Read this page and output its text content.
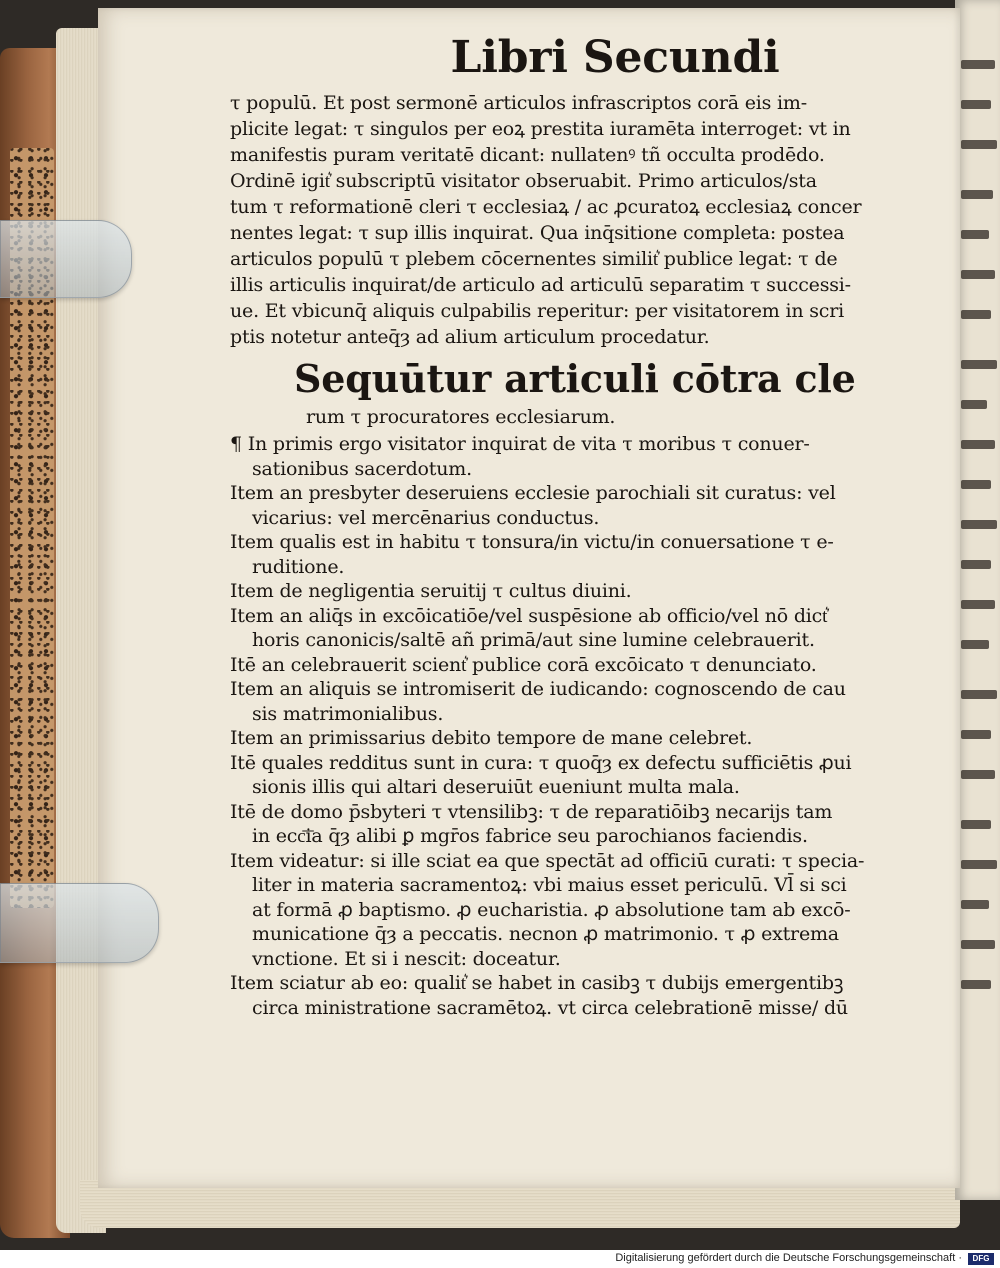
Libri Secundi

τ populū. Et post sermonē articulos infrascriptos corā eis im-

plicite legat: τ singulos per eoꝝ prestita iuramēta interroget: vt in

manifestis puram veritatē dicant: nullatenꝰ tñ occulta prodēdo.

Ordinē igit͛ subscriptū visitator obseruabit. Primo articulos/sta

tum τ reformationē cleri τ ecclesiaꝝ / ac ꝓcuratoꝝ ecclesiaꝝ concer

nentes legat: τ sup illis inquirat. Qua inq̄sitione completa: postea

articulos populū τ plebem cōcernentes similit͛ publice legat: τ de

illis articulis inquirat/de articulo ad articulū separatim τ successi-

ue. Et vbicunq̄ aliquis culpabilis reperitur: per visitatorem in scri

ptis notetur anteq̄ȝ ad alium articulum procedatur.

Sequūtur articuli cōtra cle
rum τ procuratores ecclesiarum.

¶ In primis ergo visitator inquirat de vita τ moribus τ conuer-

sationibus sacerdotum.

Item an presbyter deseruiens ecclesie parochiali sit curatus: vel

vicarius: vel mercēnarius conductus.

Item qualis est in habitu τ tonsura/in victu/in conuersatione τ e-

ruditione.

Item de negligentia seruitij τ cultus diuini.

Item an aliq̄s in excōicatiōe/vel suspēsione ab officio/vel nō dict͛

horis canonicis/saltē añ primā/aut sine lumine celebrauerit.

Itē an celebrauerit scient͛ publice corā excōicato τ denunciato.

Item an aliquis se intromiserit de iudicando: cognoscendo de cau

sis matrimonialibus.

Item an primissarius debito tempore de mane celebret.

Itē quales redditus sunt in cura: τ quoq̄ȝ ex defectu sufficiētis ꝓui

sionis illis qui altari deseruiūt eueniunt multa mala.

Itē de domo p̄sbyteri τ vtensilibꝫ: τ de reparatiōibꝫ necarijs tam

in ecc͞ia q̄ȝ alibi ꝑ mgr̄os fabrice seu parochianos faciendis.

Item videatur: si ille sciat ea que spectāt ad officiū curati: τ specia-

liter in materia sacramentoꝝ: vbi maius esset periculū. Vl̄ si sci

at formā ꝓ baptismo. ꝓ eucharistia. ꝓ absolutione tam ab excō-

municatione q̄ȝ a peccatis. necnon ꝓ matrimonio. τ ꝓ extrema

vnctione. Et si i nescit: doceatur.

Item sciatur ab eo: qualit͛ se habet in casibꝫ τ dubijs emergentibꝫ

circa ministratione sacramētoꝝ. vt circa celebrationē misse/ dū

Digitalisierung gefördert durch die Deutsche Forschungsgemeinschaft ·	DFG
